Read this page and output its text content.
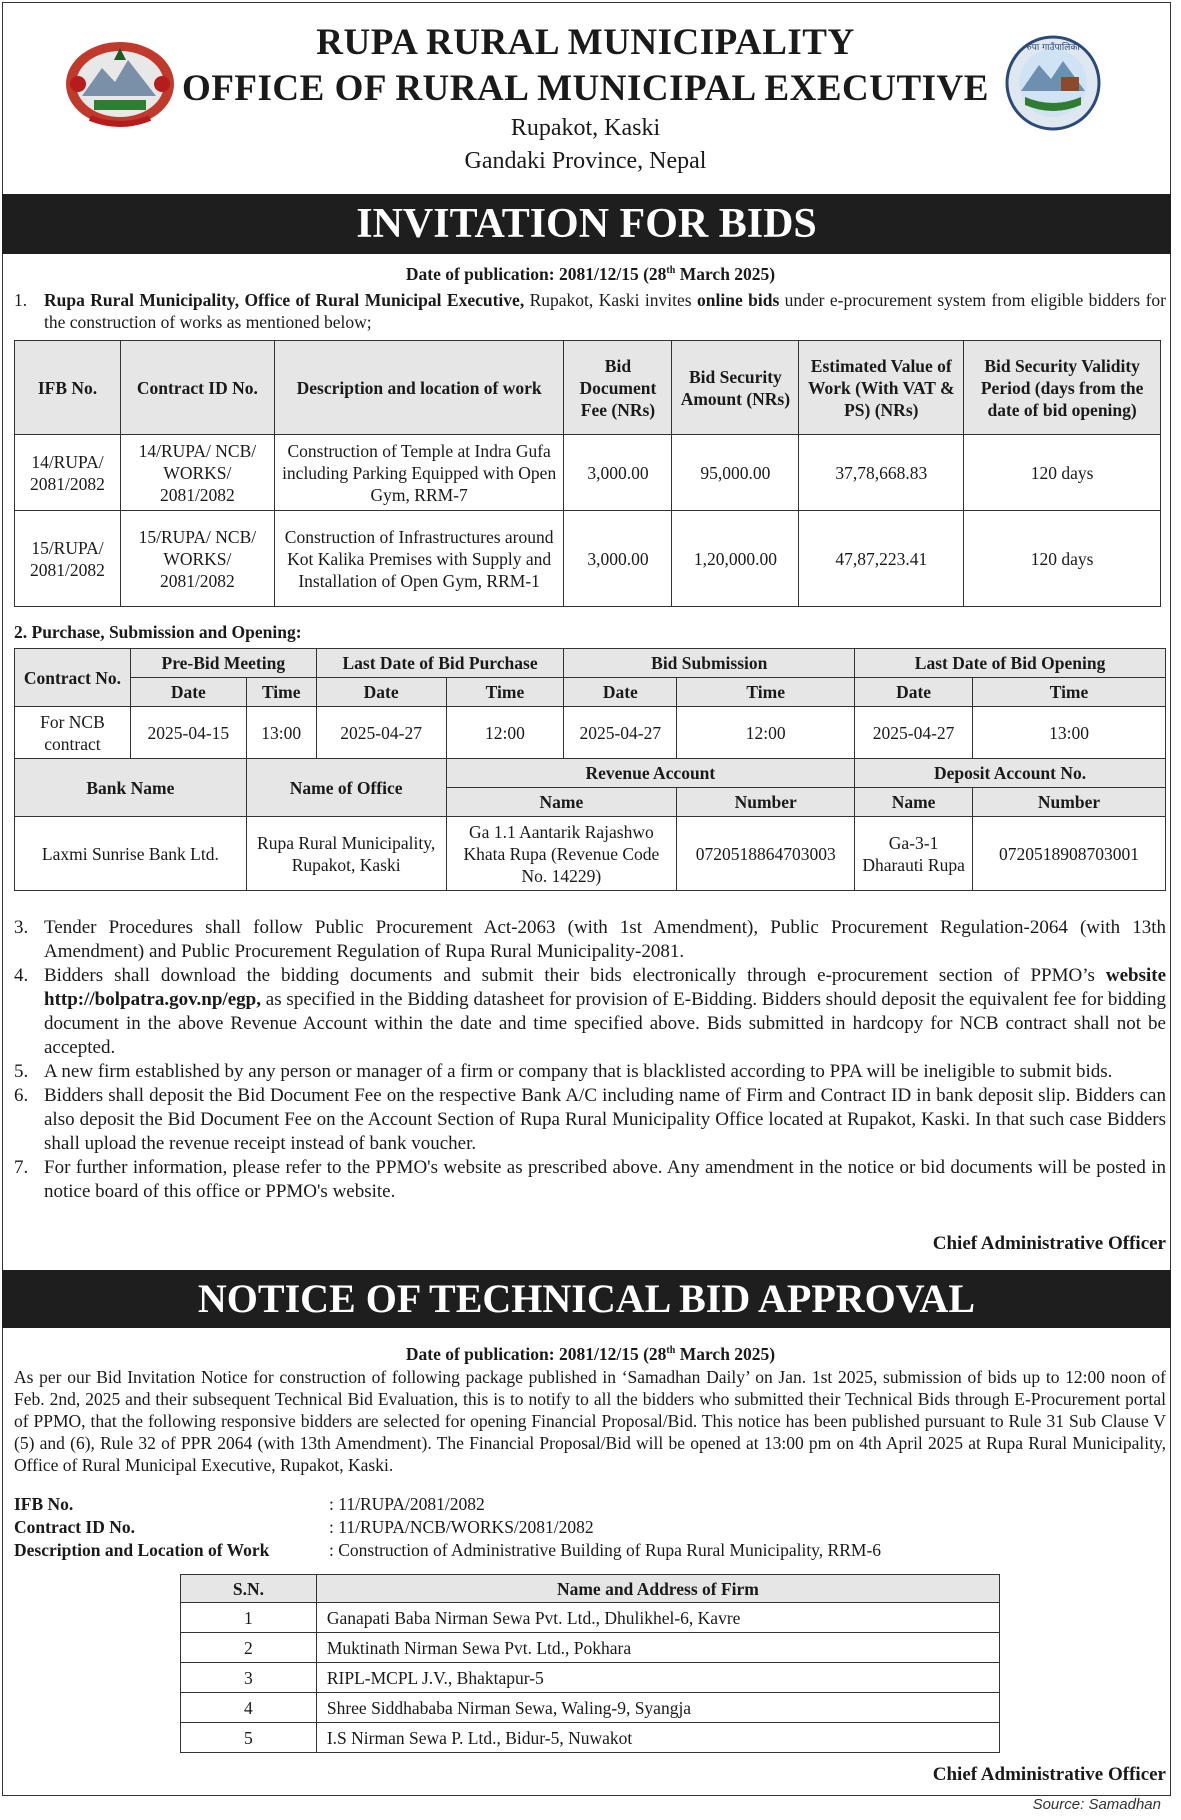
रुपा गाउँपालिका
RUPA RURAL MUNICIPALITY
OFFICE OF RURAL MUNICIPAL EXECUTIVE
Rupakot, Kaski
Gandaki Province, Nepal
INVITATION FOR BIDS
Date of publication: 2081/12/15 (28th March 2025)
1. Rupa Rural Municipality, Office of Rural Municipal Executive, Rupakot, Kaski invites online bids under e-procurement system from eligible bidders for the construction of works as mentioned below;
IFB No.	Contract ID No.	Description and location of work	Bid Document Fee (NRs)	Bid Security Amount (NRs)	Estimated Value of Work (With VAT & PS) (NRs)	Bid Security Validity Period (days from the date of bid opening)
14/RUPA/ 2081/2082	14/RUPA/ NCB/ WORKS/ 2081/2082	Construction of Temple at Indra Gufa including Parking Equipped with Open Gym, RRM-7	3,000.00	95,000.00	37,78,668.83	120 days
15/RUPA/ 2081/2082	15/RUPA/ NCB/ WORKS/ 2081/2082	Construction of Infrastructures around Kot Kalika Premises with Supply and Installation of Open Gym, RRM-1	3,000.00	1,20,000.00	47,87,223.41	120 days
2. Purchase, Submission and Opening:
Contract No.	Pre-Bid Meeting		Last Date of Bid Purchase		Bid Submission		Last Date of Bid Opening	
	Date	Time	Date	Time	Date	Time	Date	Time
For NCB contract	2025-04-15	13:00	2025-04-27	12:00	2025-04-27	12:00	2025-04-27	13:00
Bank Name		Name of Office		Revenue Account			Deposit Account No.	
				Name		Number	Name	Number
Laxmi Sunrise Bank Ltd.		Rupa Rural Municipality, Rupakot, Kaski		Ga 1.1 Aantarik Rajashwo Khata Rupa (Revenue Code No. 14229)		07205188647030​03	Ga-3-1 Dharauti Rupa	0720518908703001
3. Tender Procedures shall follow Public Procurement Act-2063 (with 1st Amendment), Public Procurement Regulation-2064 (with 13th Amendment) and Public Procurement Regulation of Rupa Rural Municipality-2081.
4. Bidders shall download the bidding documents and submit their bids electronically through e-procurement section of PPMO’s website http://bolpatra.gov.np/egp, as specified in the Bidding datasheet for provision of E-Bidding. Bidders should deposit the equivalent fee for bidding document in the above Revenue Account within the date and time specified above. Bids submitted in hardcopy for NCB contract shall not be accepted.
5. A new firm established by any person or manager of a firm or company that is blacklisted according to PPA will be ineligible to submit bids.
6. Bidders shall deposit the Bid Document Fee on the respective Bank A/C including name of Firm and Contract ID in bank deposit slip. Bidders can also deposit the Bid Document Fee on the Account Section of Rupa Rural Municipality Office located at Rupakot, Kaski. In that such case Bidders shall upload the revenue receipt instead of bank voucher.
7. For further information, please refer to the PPMO's website as prescribed above. Any amendment in the notice or bid documents will be posted in notice board of this office or PPMO's website.
Chief Administrative Officer
NOTICE OF TECHNICAL BID APPROVAL
Date of publication: 2081/12/15 (28th March 2025)
As per our Bid Invitation Notice for construction of following package published in ‘Samadhan Daily’ on Jan. 1st 2025, submission of bids up to 12:00 noon of Feb. 2nd, 2025 and their subsequent Technical Bid Evaluation, this is to notify to all the bidders who submitted their Technical Bids through E-Procurement portal of PPMO, that the following responsive bidders are selected for opening Financial Proposal/Bid. This notice has been published pursuant to Rule 31 Sub Clause V (5) and (6), Rule 32 of PPR 2064 (with 13th Amendment). The Financial Proposal/Bid will be opened at 13:00 pm on 4th April 2025 at Rupa Rural Municipality, Office of Rural Municipal Executive, Rupakot, Kaski.
IFB No.	: 11/RUPA/2081/2082
Contract ID No.	: 11/RUPA/NCB/WORKS/2081/2082
Description and Location of Work	: Construction of Administrative Building of Rupa Rural Municipality, RRM-6
S.N.	Name and Address of Firm
1	Ganapati Baba Nirman Sewa Pvt. Ltd., Dhulikhel-6, Kavre
2	Muktinath Nirman Sewa Pvt. Ltd., Pokhara
3	RIPL-MCPL J.V., Bhaktapur-5
4	Shree Siddhababa Nirman Sewa, Waling-9, Syangja
5	I.S Nirman Sewa P. Ltd., Bidur-5, Nuwakot
Chief Administrative Officer
Source: Samadhan
